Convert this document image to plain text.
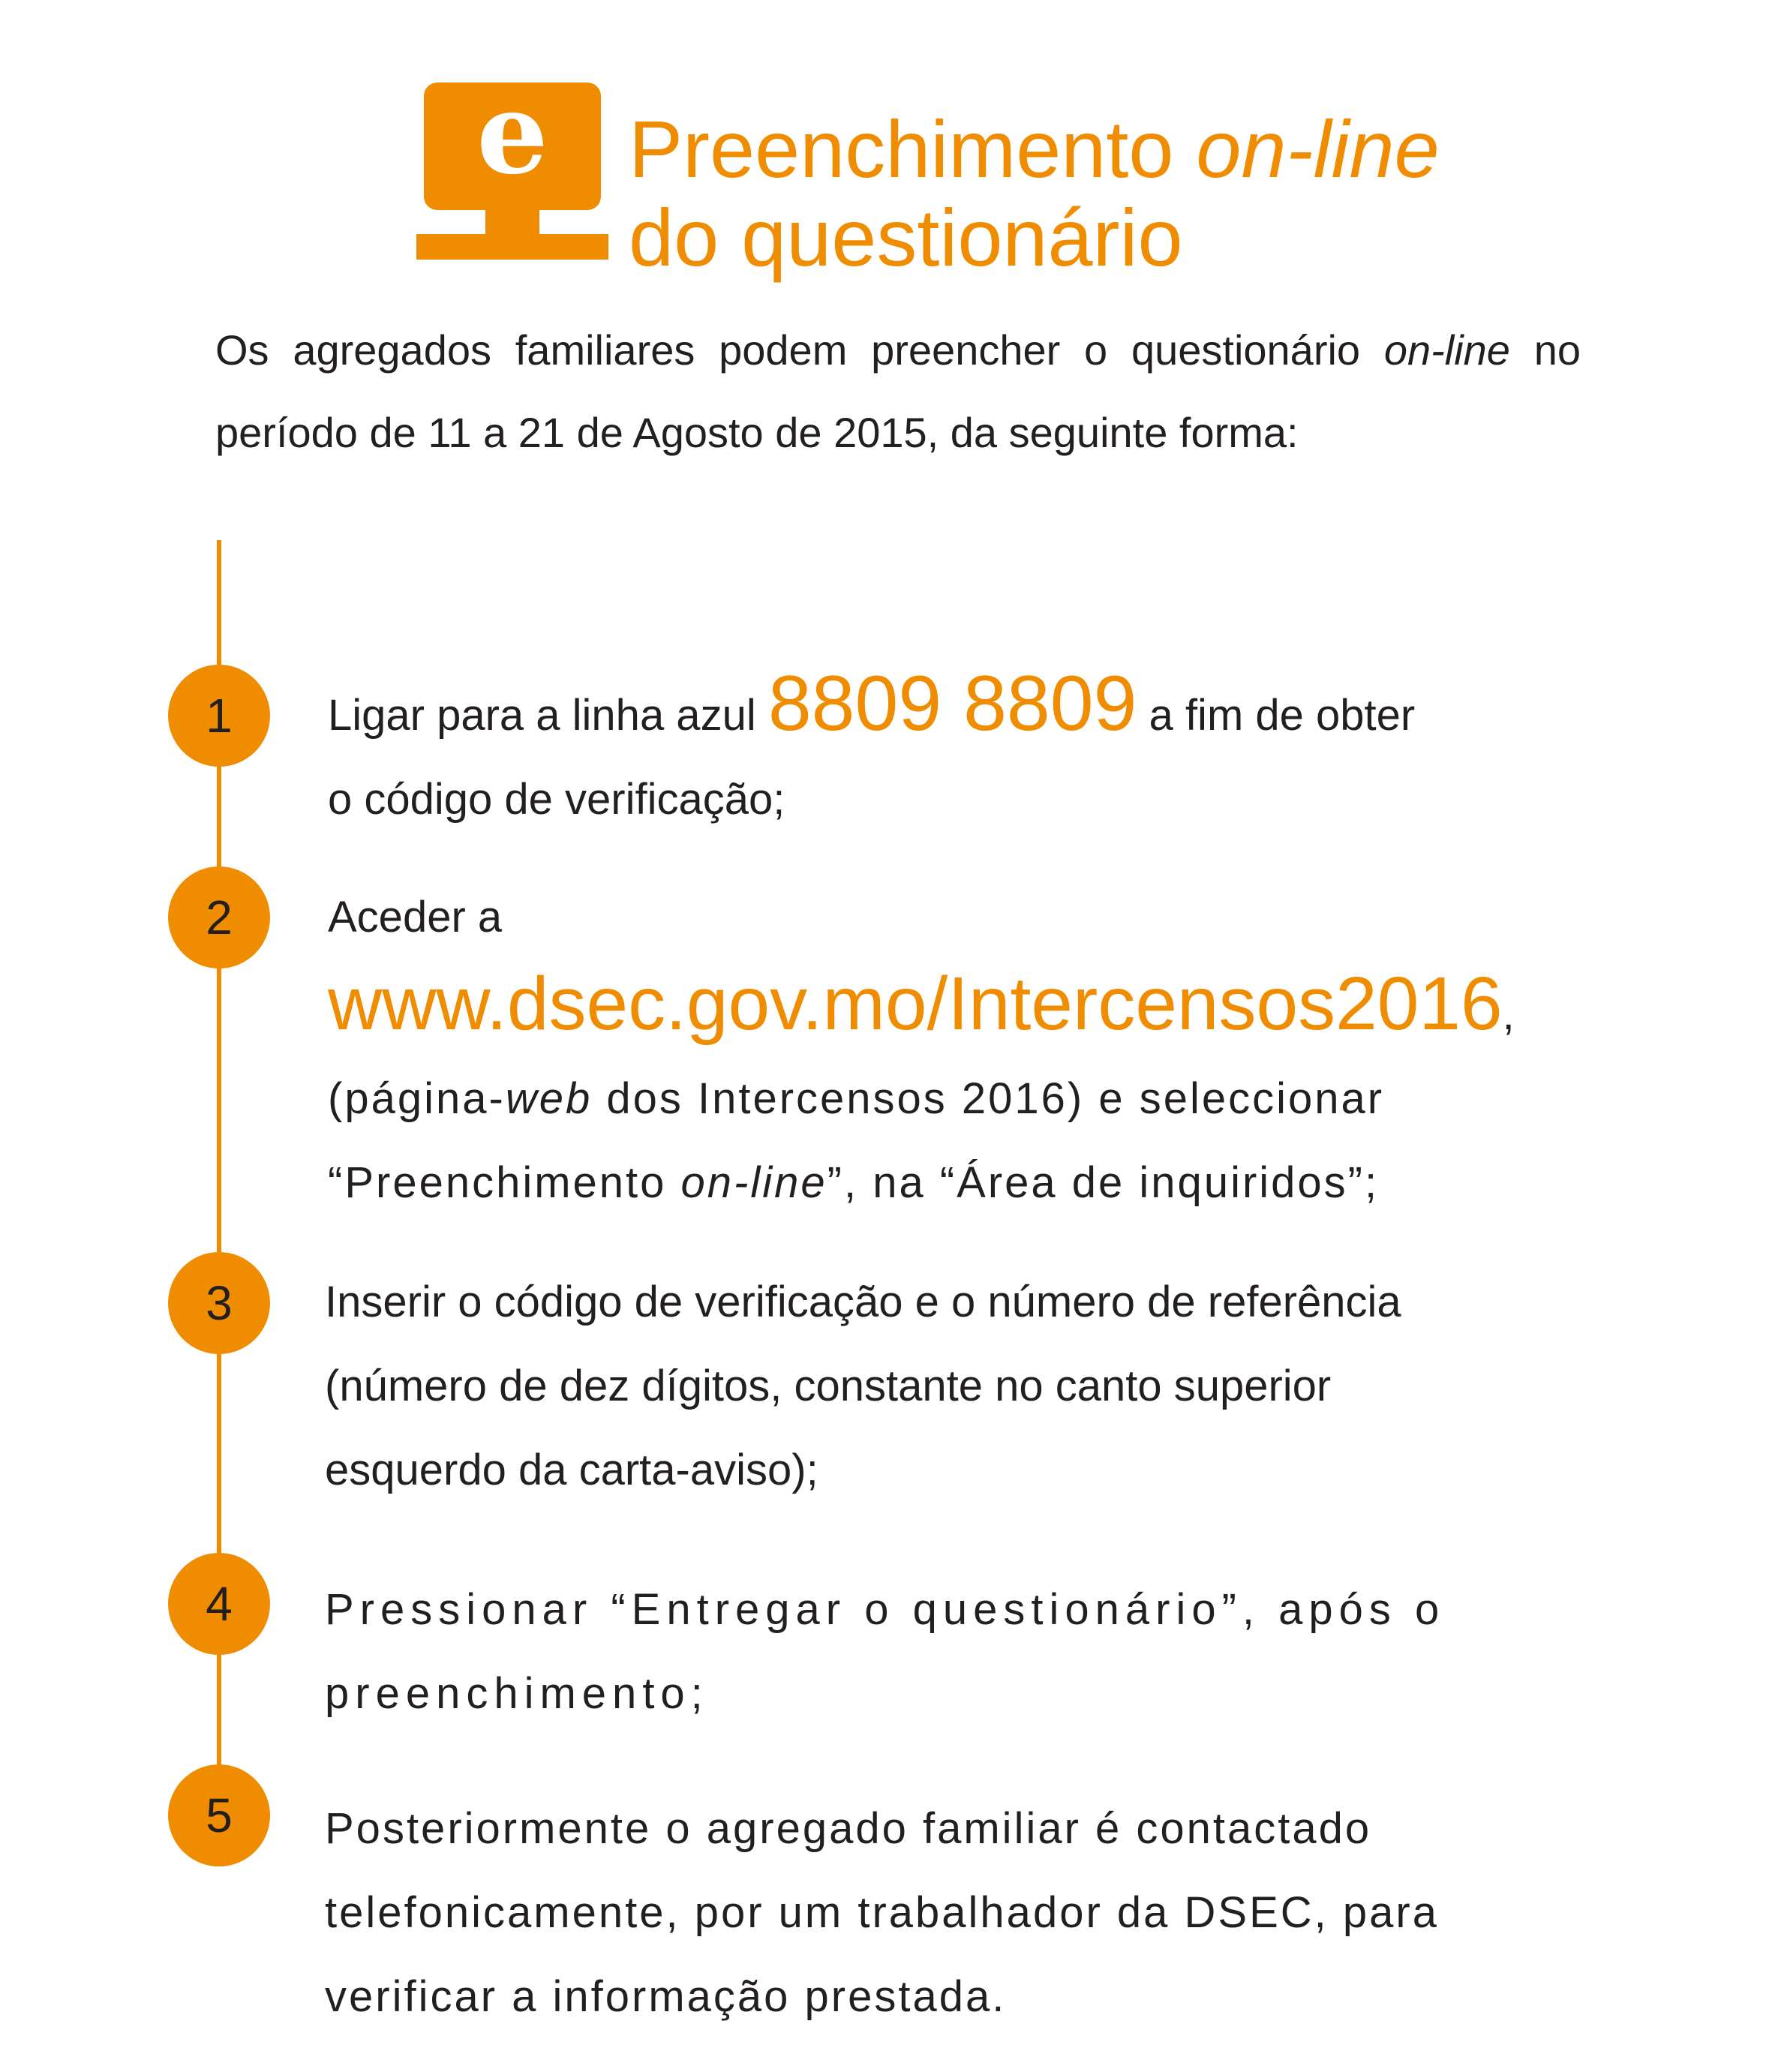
e Preenchimento on-line
do questionário
Os agregados familiares podem preencher o questionário on-line no período de 11 a 21 de Agosto de 2015, da seguinte forma:
1 Ligar para a linha azul 8809 8809 a fim de obter
o código de verificação;
2 Aceder a
www.dsec.gov.mo/Intercensos2016,
(página-web dos Intercensos 2016) e seleccionar
“Preenchimento on-line”, na “Área de inquiridos”;
3 Inserir o código de verificação e o número de referência
(número de dez dígitos, constante no canto superior
esquerdo da carta-aviso);
4 Pressionar “Entregar o questionário”, após o
preenchimento;
5 Posteriormente o agregado familiar é contactado
telefonicamente, por um trabalhador da DSEC, para
verificar a informação prestada.
